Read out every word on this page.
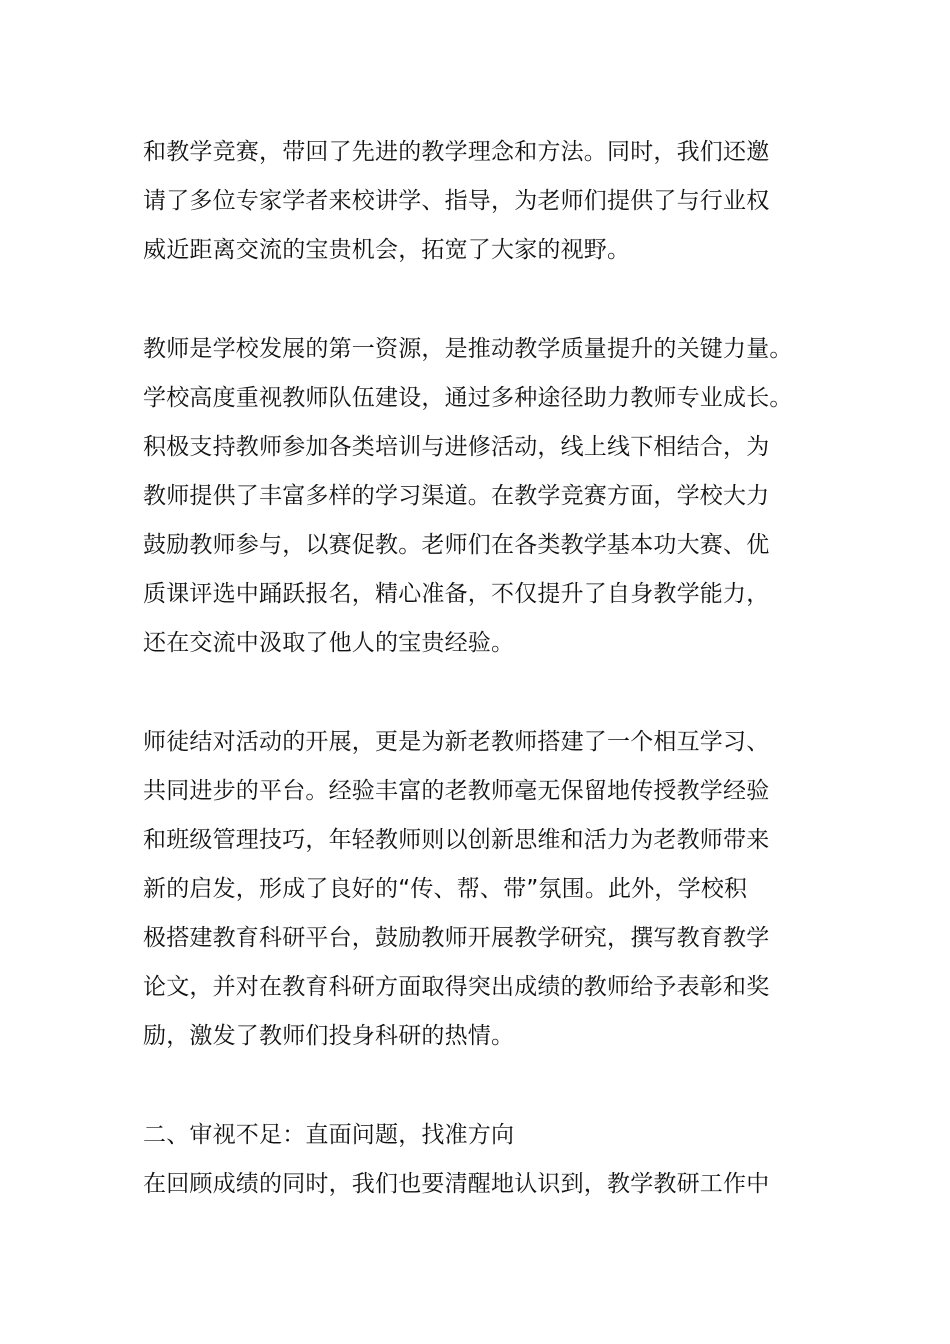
和教学竞赛，带回了先进的教学理念和方法。同时，我们还邀
请了多位专家学者来校讲学、指导，为老师们提供了与行业权
威近距离交流的宝贵机会，拓宽了大家的视野。
教师是学校发展的第一资源，是推动教学质量提升的关键力量。
学校高度重视教师队伍建设，通过多种途径助力教师专业成长。
积极支持教师参加各类培训与进修活动，线上线下相结合，为
教师提供了丰富多样的学习渠道。在教学竞赛方面，学校大力
鼓励教师参与，以赛促教。老师们在各类教学基本功大赛、优
质课评选中踊跃报名，精心准备，不仅提升了自身教学能力，
还在交流中汲取了他人的宝贵经验。
师徒结对活动的开展，更是为新老教师搭建了一个相互学习、
共同进步的平台。经验丰富的老教师毫无保留地传授教学经验
和班级管理技巧，年轻教师则以创新思维和活力为老教师带来
新的启发，形成了良好的“传、帮、带”氛围。此外，学校积
极搭建教育科研平台，鼓励教师开展教学研究，撰写教育教学
论文，并对在教育科研方面取得突出成绩的教师给予表彰和奖
励，激发了教师们投身科研的热情。
二、审视不足：直面问题，找准方向
在回顾成绩的同时，我们也要清醒地认识到，教学教研工作中
